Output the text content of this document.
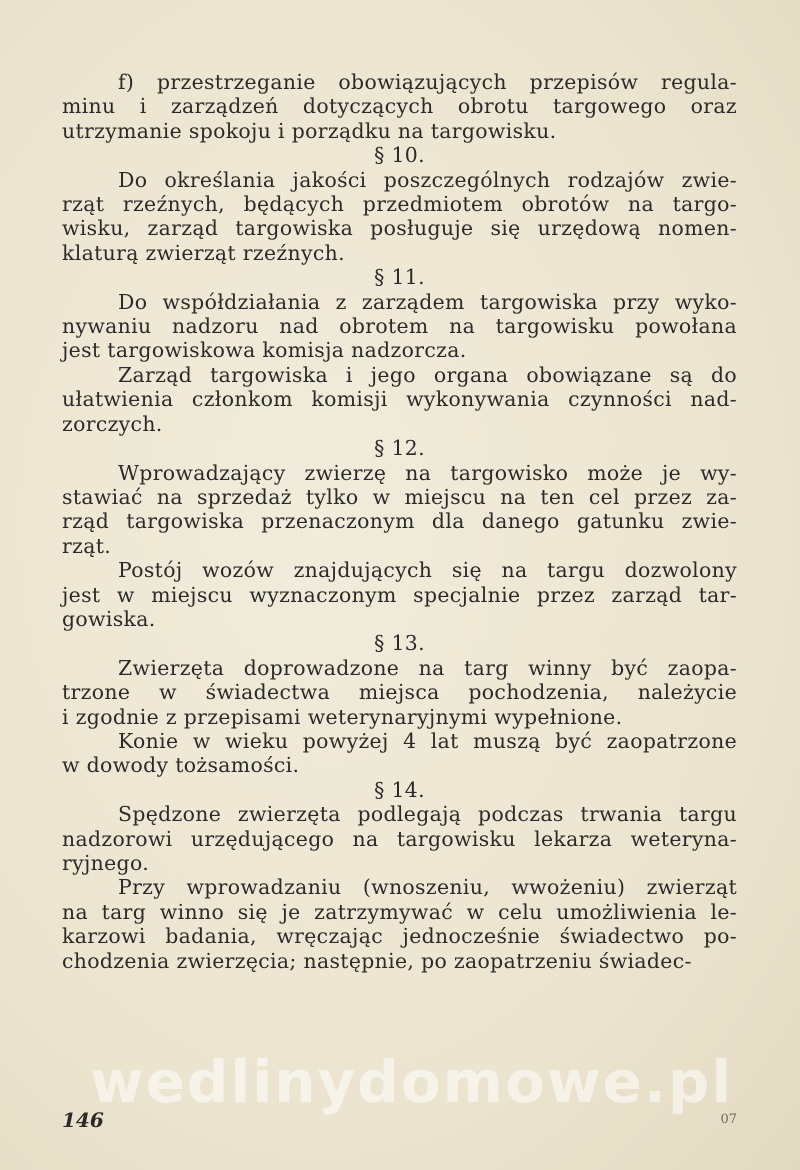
f) przestrzeganie obowiązujących przepisów regula-
minu i zarządzeń dotyczących obrotu targowego oraz
utrzymanie spokoju i porządku na targowisku.
§ 10.
Do określania jakości poszczególnych rodzajów zwie-
rząt rzeźnych, będących przedmiotem obrotów na targo-
wisku, zarząd targowiska posługuje się urzędową nomen-
klaturą zwierząt rzeźnych.
§ 11.
Do współdziałania z zarządem targowiska przy wyko-
nywaniu nadzoru nad obrotem na targowisku powołana
jest targowiskowa komisja nadzorcza.
Zarząd targowiska i jego organa obowiązane są do
ułatwienia członkom komisji wykonywania czynności nad-
zorczych.
§ 12.
Wprowadzający zwierzę na targowisko może je wy-
stawiać na sprzedaż tylko w miejscu na ten cel przez za-
rząd targowiska przenaczonym dla danego gatunku zwie-
rząt.
Postój wozów znajdujących się na targu dozwolony
jest w miejscu wyznaczonym specjalnie przez zarząd tar-
gowiska.
§ 13.
Zwierzęta doprowadzone na targ winny być zaopa-
trzone w świadectwa miejsca pochodzenia, należycie
i zgodnie z przepisami weterynaryjnymi wypełnione.
Konie w wieku powyżej 4 lat muszą być zaopatrzone
w dowody tożsamości.
§ 14.
Spędzone zwierzęta podlegają podczas trwania targu
nadzorowi urzędującego na targowisku lekarza weteryna-
ryjnego.
Przy wprowadzaniu (wnoszeniu, wwożeniu) zwierząt
na targ winno się je zatrzymywać w celu umożliwienia le-
karzowi badania, wręczając jednocześnie świadectwo po-
chodzenia zwierzęcia; następnie, po zaopatrzeniu świadec-
146	07
wedlinydomowe.pl
